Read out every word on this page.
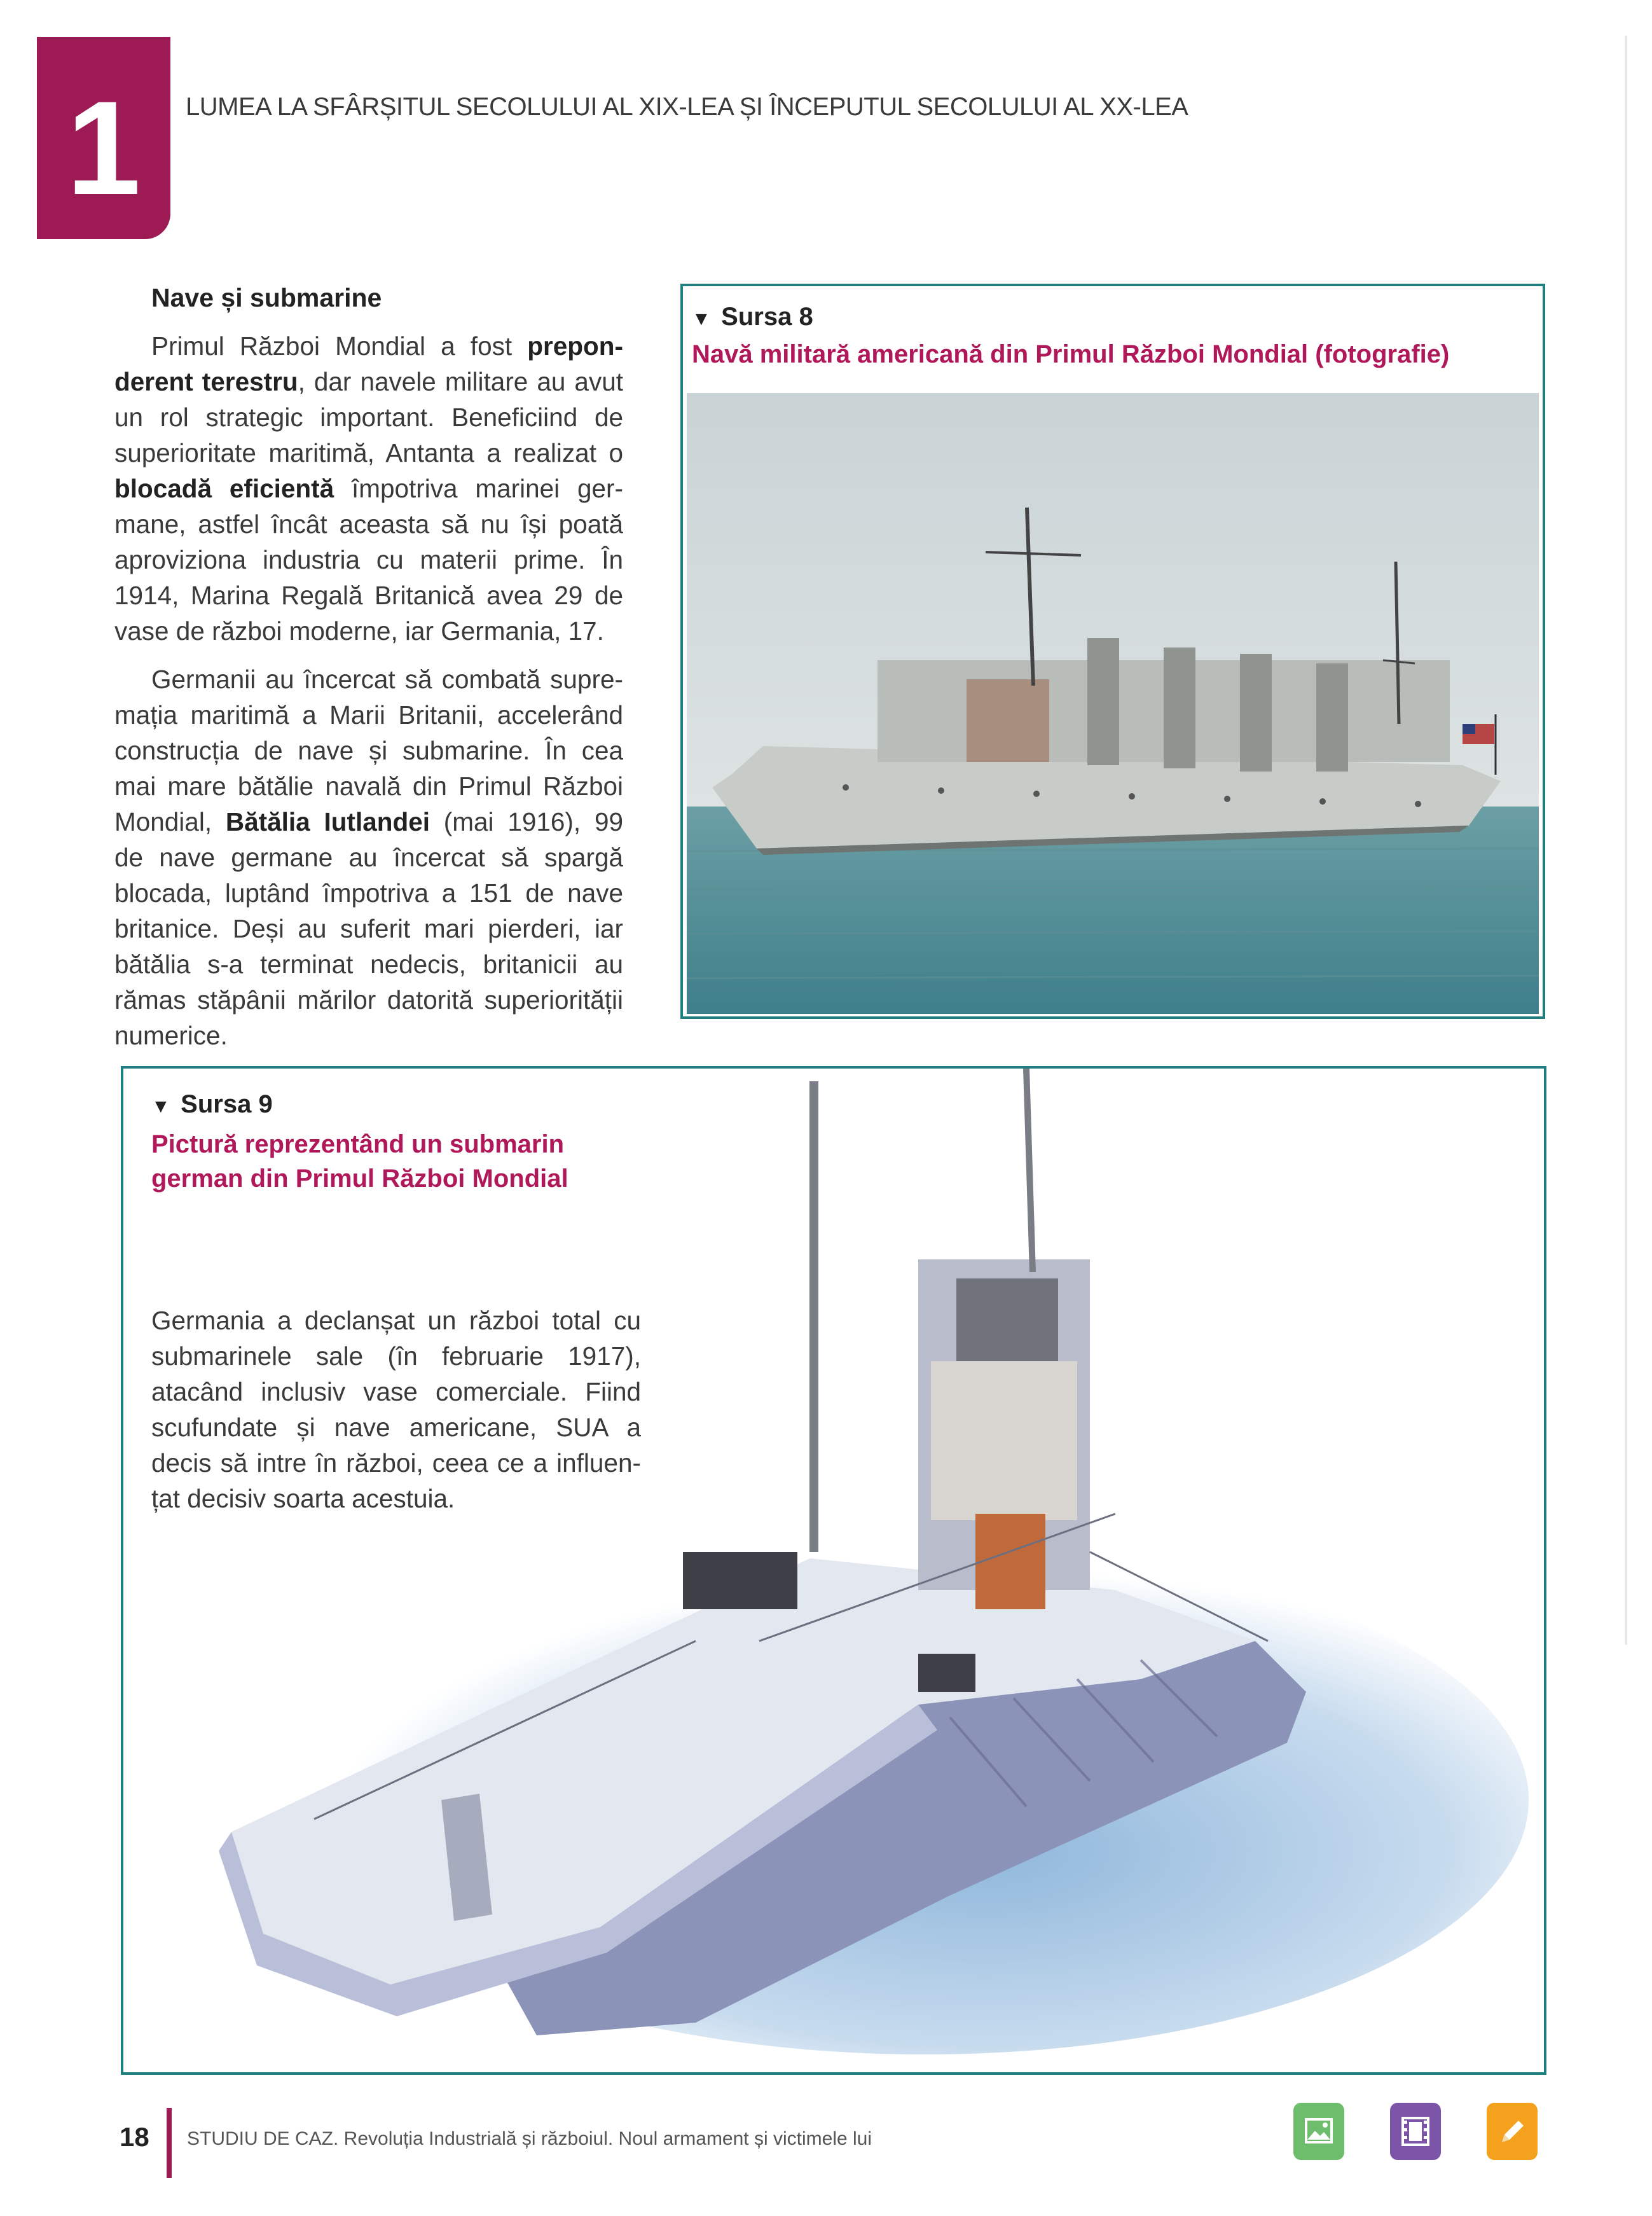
1	LUMEA LA SFÂRȘITUL SECOLULUI AL XIX-LEA ȘI ÎNCEPUTUL SECOLULUI AL XX-LEA
Nave și submarine

Primul Război Mondial a fost preponderent terestru, dar navele militare au avut un rol strategic important. Beneficiind de superioritate maritimă, Antanta a realizat o blocadă eficientă împotriva marinei germane, astfel încât aceasta să nu își poată aproviziona industria cu materii prime. În 1914, Marina Regală Britanică avea 29 de vase de război moderne, iar Germania, 17.

Germanii au încercat să combată supremația maritimă a Marii Britanii, accelerând construcția de nave și submarine. În cea mai mare bătălie navală din Primul Război Mondial, Bătălia Iutlandei (mai 1916), 99 de nave germane au încercat să spargă blocada, luptând împotriva a 151 de nave britanice. Deși au suferit mari pierderi, iar bătălia s-a terminat nedecis, britanicii au rămas stăpânii mărilor datorită superiorității numerice.

▼ Sursa 8
Navă militară americană din Primul Război Mondial (fotografie)
▼ Sursa 9
Pictură reprezentând un submarin
german din Primul Război Mondial
Germania a declanșat un război total cu submarinele sale (în februarie 1917), atacând inclusiv vase comerciale. Fiind scufundate și nave americane, SUA a decis să intre în război, ceea ce a influențat decisiv soarta acestuia.
18 STUDIU DE CAZ. Revoluția Industrială și războiul. Noul armament și victimele lui
